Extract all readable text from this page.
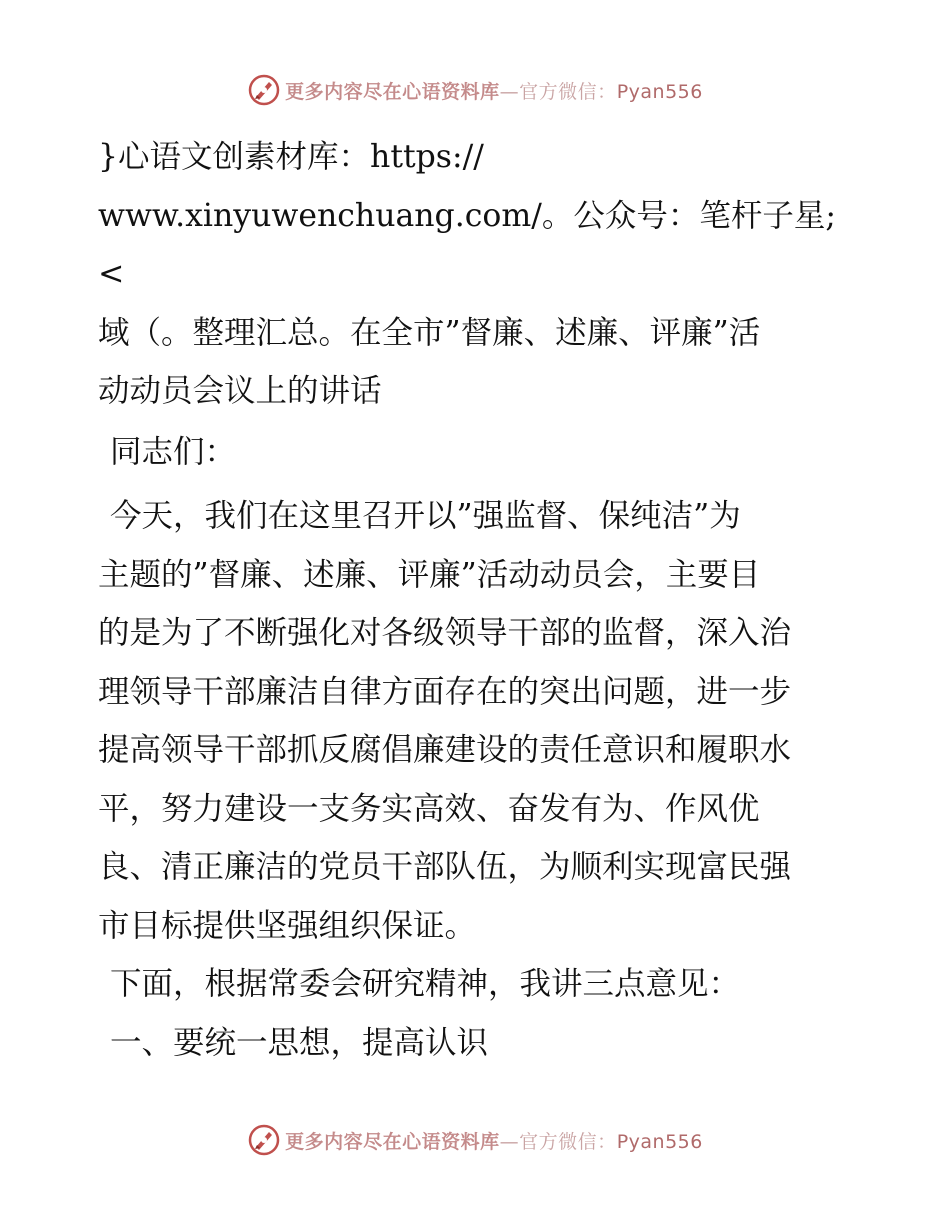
更多内容尽在心语资料库—官方微信：Pyan556

}心语文创素材库：https://

www.xinyuwenchuang.com/。公众号：笔杆子星;<

域（。整理汇总。在全市”督廉、述廉、评廉”活

动动员会议上的讲话

同志们：

今天，我们在这里召开以”强监督、保纯洁”为

主题的”督廉、述廉、评廉”活动动员会，主要目

的是为了不断强化对各级领导干部的监督，深入治

理领导干部廉洁自律方面存在的突出问题，进一步

提高领导干部抓反腐倡廉建设的责任意识和履职水

平，努力建设一支务实高效、奋发有为、作风优

良、清正廉洁的党员干部队伍，为顺利实现富民强

市目标提供坚强组织保证。

下面，根据常委会研究精神，我讲三点意见：

一、要统一思想，提高认识

更多内容尽在心语资料库—官方微信：Pyan556
